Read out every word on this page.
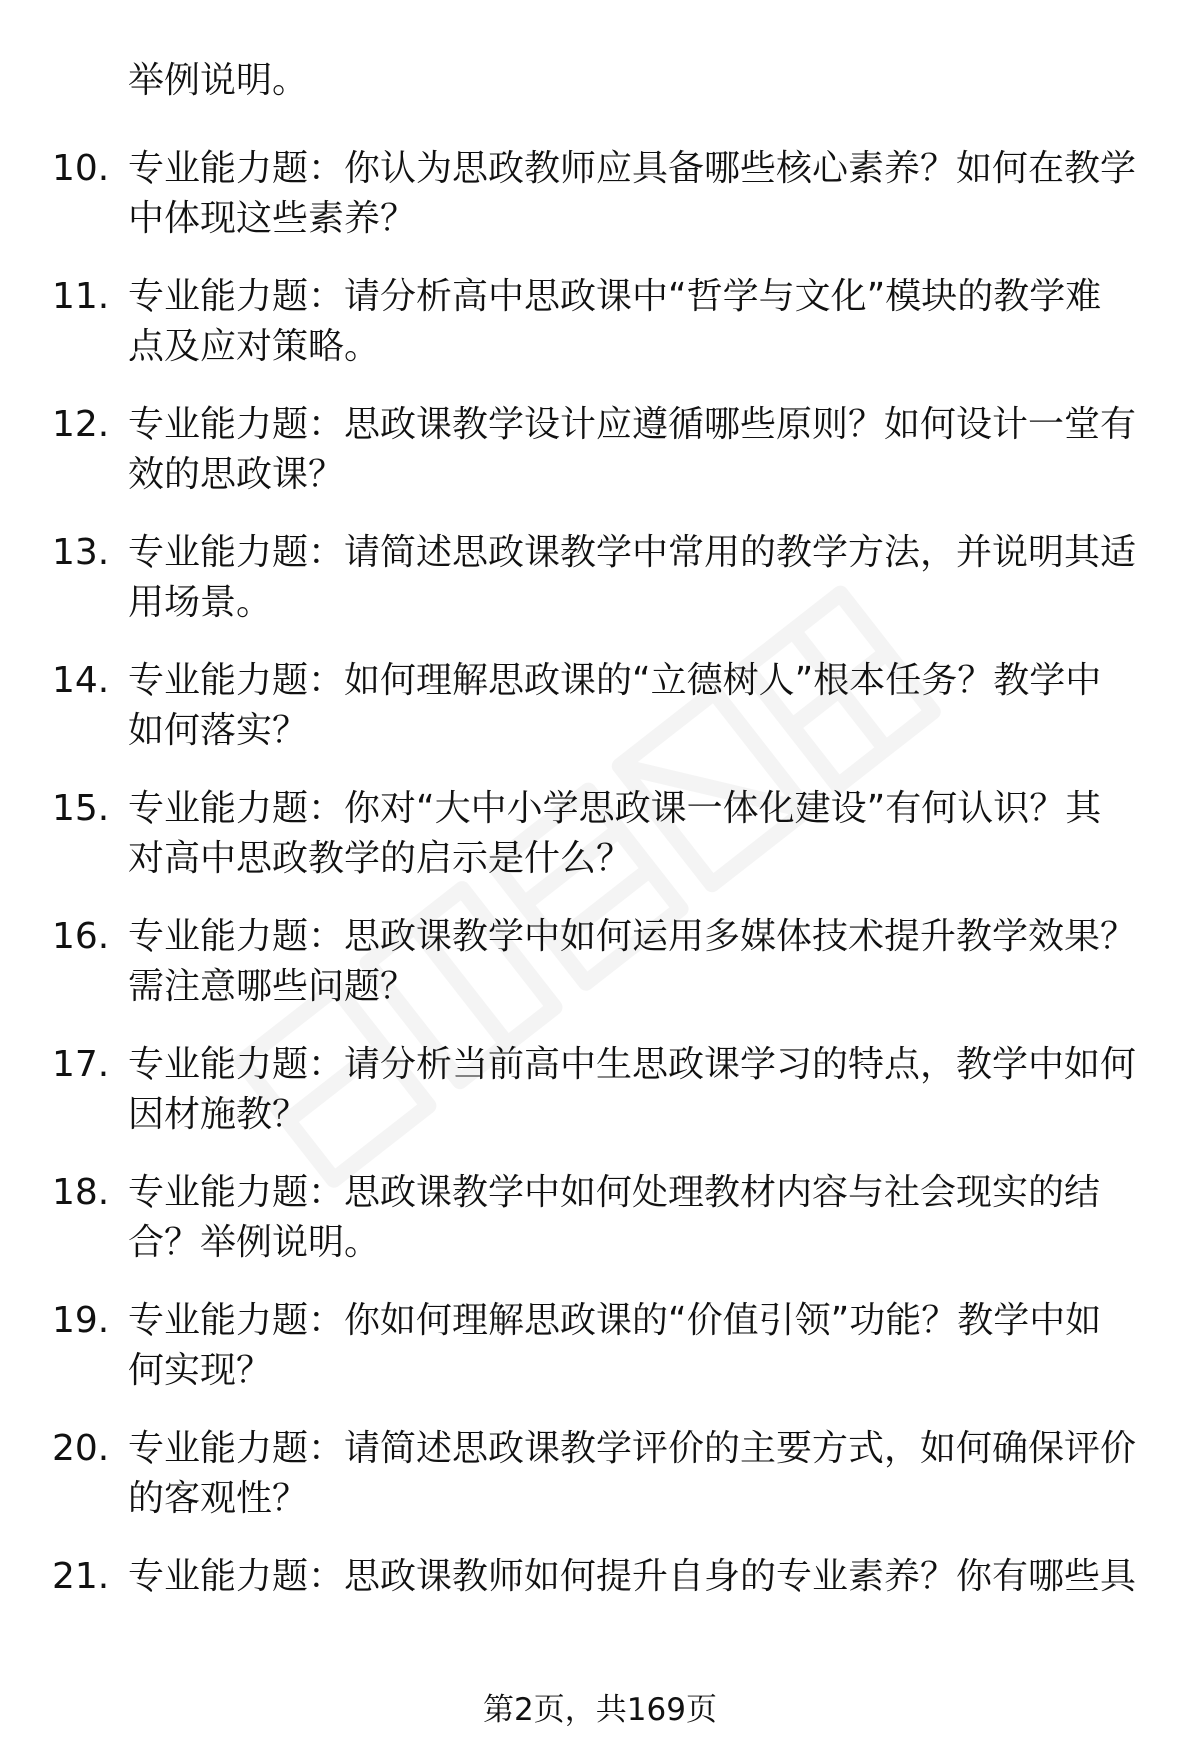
举例说明。
10. 专业能力题：你认为思政教师应具备哪些核心素养？如何在教学
中体现这些素养？
11. 专业能力题：请分析高中思政课中“哲学与文化”模块的教学难
点及应对策略。
12. 专业能力题：思政课教学设计应遵循哪些原则？如何设计一堂有
效的思政课？
13. 专业能力题：请简述思政课教学中常用的教学方法，并说明其适
用场景。
14. 专业能力题：如何理解思政课的“立德树人”根本任务？教学中
如何落实？
15. 专业能力题：你对“大中小学思政课一体化建设”有何认识？其
对高中思政教学的启示是什么？
16. 专业能力题：思政课教学中如何运用多媒体技术提升教学效果？
需注意哪些问题？
17. 专业能力题：请分析当前高中生思政课学习的特点，教学中如何
因材施教？
18. 专业能力题：思政课教学中如何处理教材内容与社会现实的结
合？举例说明。
19. 专业能力题：你如何理解思政课的“价值引领”功能？教学中如
何实现？
20. 专业能力题：请简述思政课教学评价的主要方式，如何确保评价
的客观性？
21. 专业能力题：思政课教师如何提升自身的专业素养？你有哪些具
第2页，共169页
